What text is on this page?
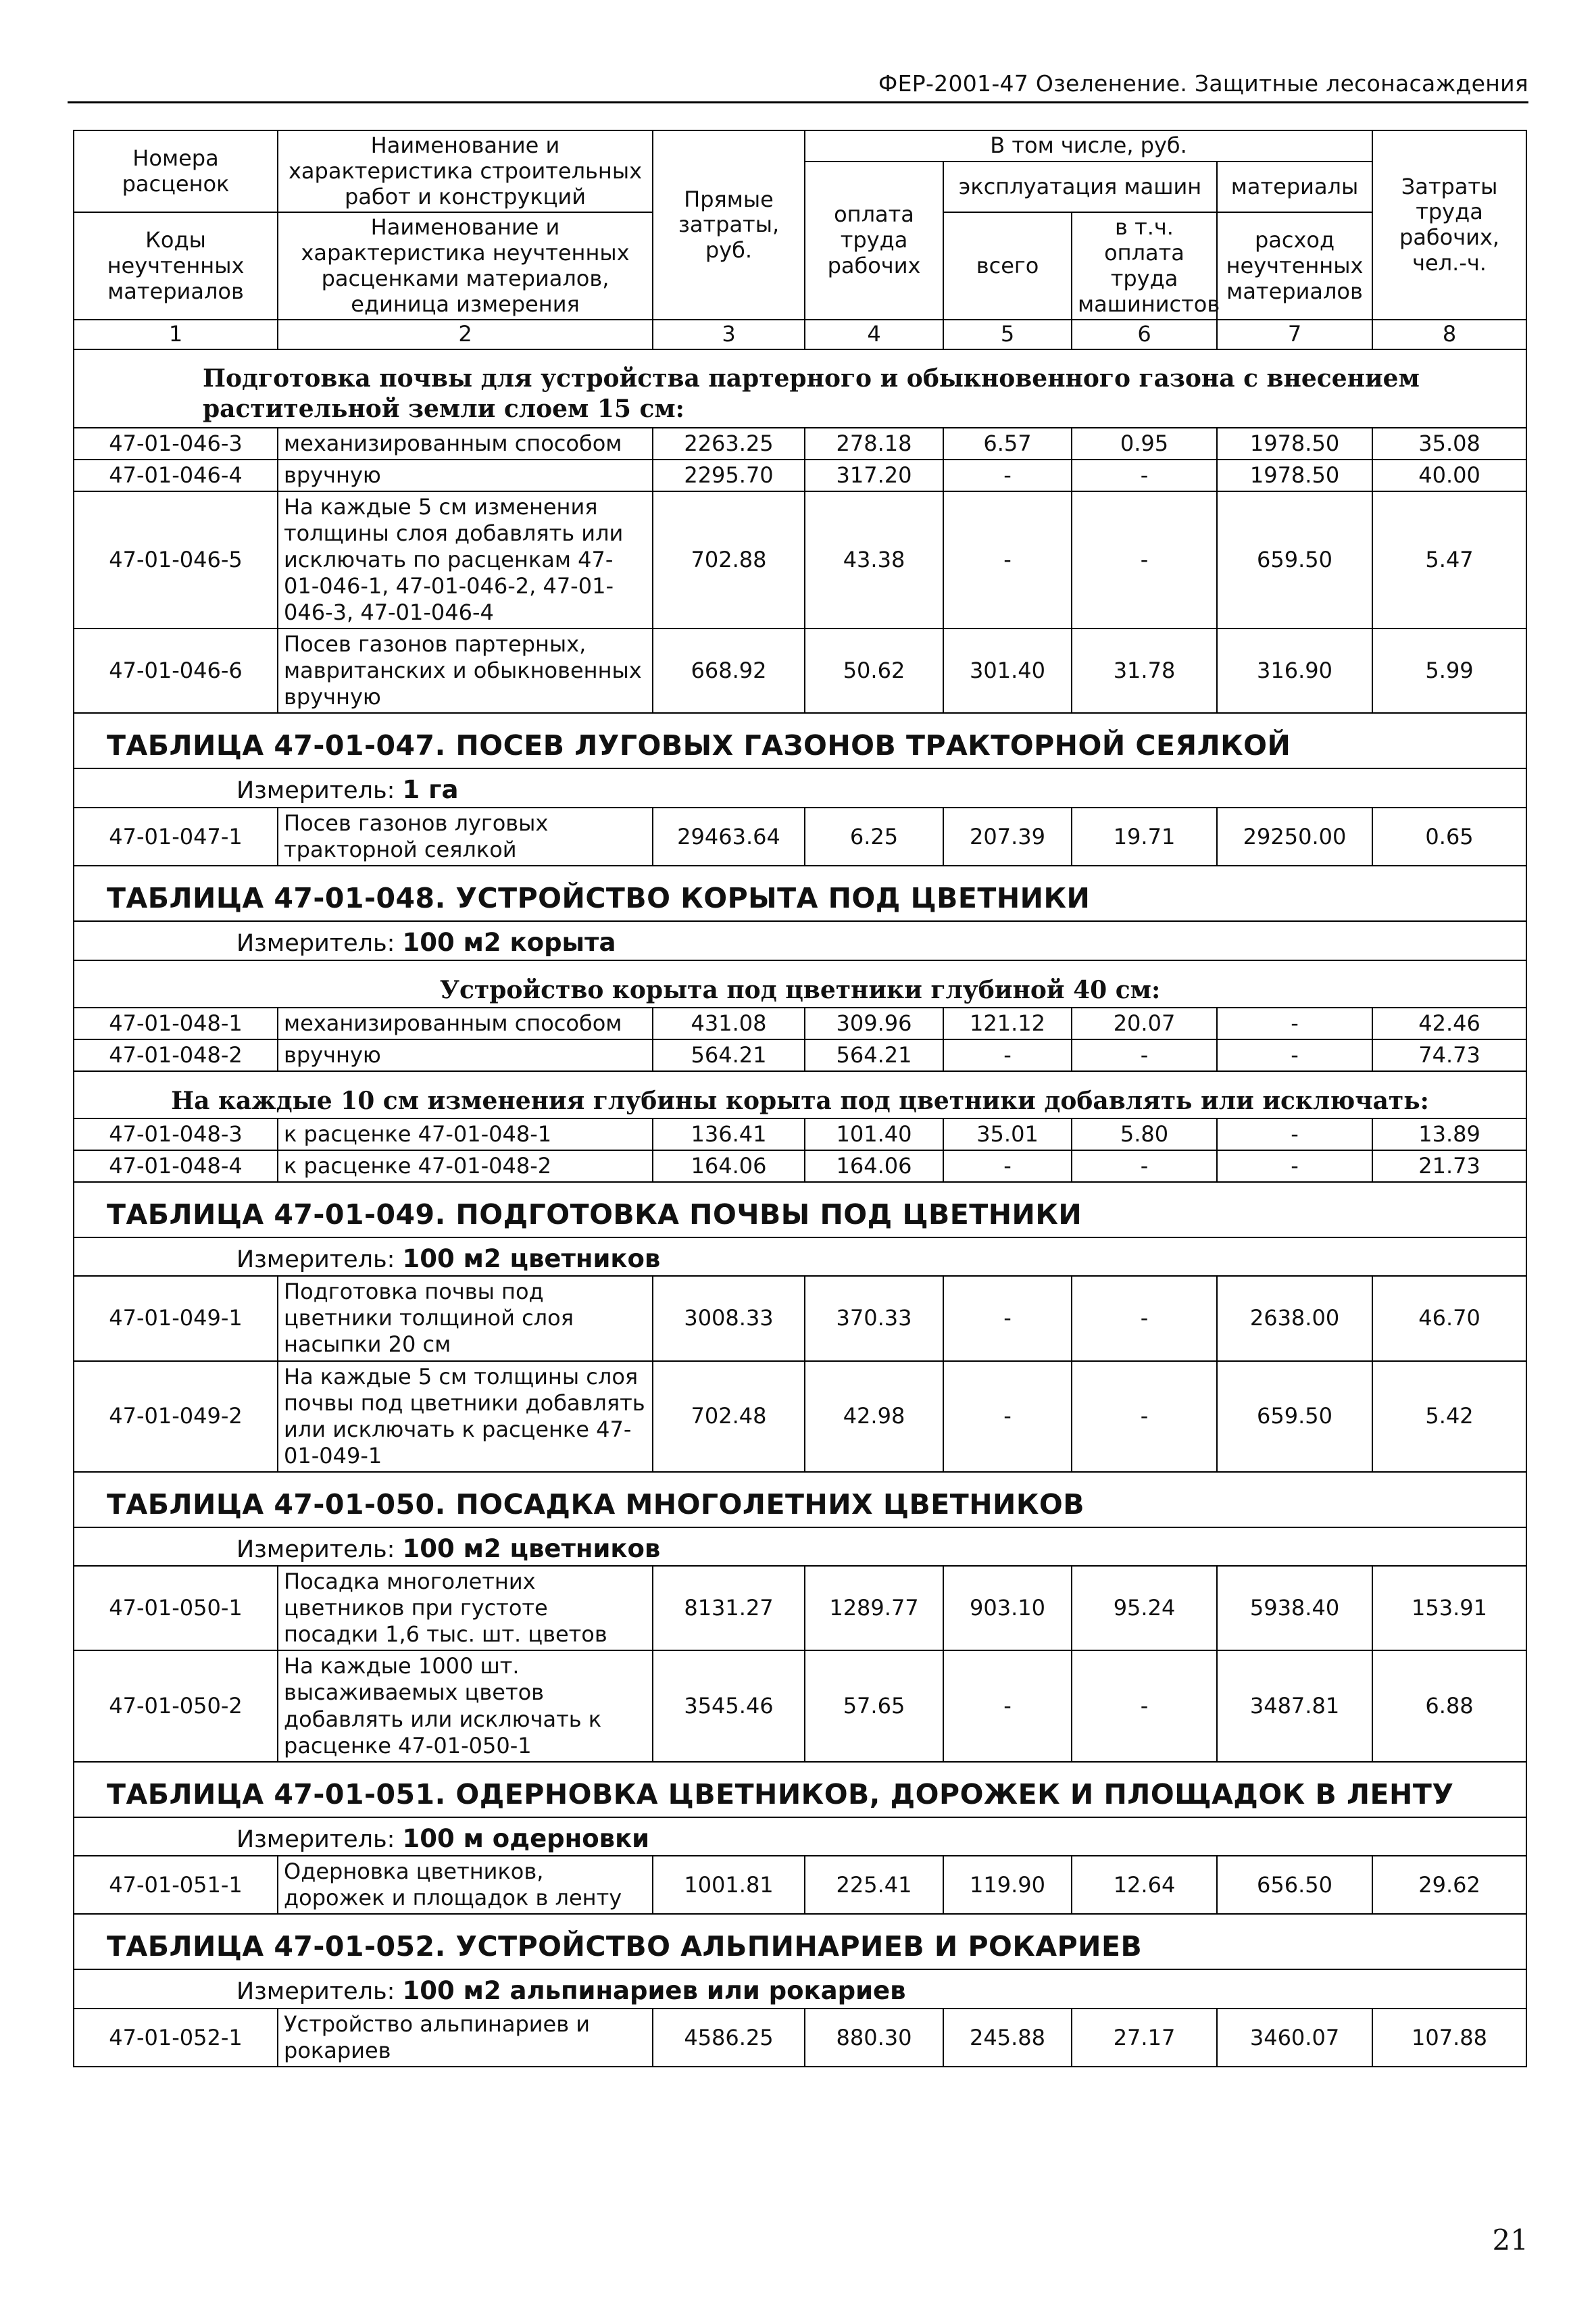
ФЕР-2001-47 Озеленение. Защитные лесонасаждения
Номера расценок	Наименование и характеристика строительных работ и конструкций	Прямые затраты, руб.	В том числе, руб.				Затраты труда рабочих, чел.-ч.
			оплата труда рабочих	эксплуатация машин		материалы	
Коды неучтенных материалов	Наименование и характеристика неучтенных расценками материалов, единица измерения			всего	в т.ч. оплата труда машинистов	расход неучтенных материалов	

1	2	3	4	5	6	7	8
Подготовка почвы для устройства партерного и обыкновенного газона с внесением растительной земли слоем 15 см:							
47-01-046-3	механизированным способом	2263.25	278.18	6.57	0.95	1978.50	35.08
47-01-046-4	вручную	2295.70	317.20	-	-	1978.50	40.00
47-01-046-5	На каждые 5 см изменения толщины слоя добавлять или исключать по расценкам 47-01-046-1, 47-01-046-2, 47-01-046-3, 47-01-046-4	702.88	43.38	-	-	659.50	5.47
47-01-046-6	Посев газонов партерных, мавританских и обыкновенных вручную	668.92	50.62	301.40	31.78	316.90	5.99
ТАБЛИЦА 47-01-047. ПОСЕВ ЛУГОВЫХ ГАЗОНОВ ТРАКТОРНОЙ СЕЯЛКОЙ							
Измеритель: 1 га							
47-01-047-1	Посев газонов луговых тракторной сеялкой	29463.64	6.25	207.39	19.71	29250.00	0.65
ТАБЛИЦА 47-01-048. УСТРОЙСТВО КОРЫТА ПОД ЦВЕТНИКИ							
Измеритель: 100 м2 корыта							
Устройство корыта под цветники глубиной 40 см:							
47-01-048-1	механизированным способом	431.08	309.96	121.12	20.07	-	42.46
47-01-048-2	вручную	564.21	564.21	-	-	-	74.73
На каждые 10 см изменения глубины корыта под цветники добавлять или исключать:							
47-01-048-3	к расценке 47-01-048-1	136.41	101.40	35.01	5.80	-	13.89
47-01-048-4	к расценке 47-01-048-2	164.06	164.06	-	-	-	21.73
ТАБЛИЦА 47-01-049. ПОДГОТОВКА ПОЧВЫ ПОД ЦВЕТНИКИ							
Измеритель: 100 м2 цветников							
47-01-049-1	Подготовка почвы под цветники толщиной слоя насыпки 20 см	3008.33	370.33	-	-	2638.00	46.70
47-01-049-2	На каждые 5 см толщины слоя почвы под цветники добавлять или исключать к расценке 47-01-049-1	702.48	42.98	-	-	659.50	5.42
ТАБЛИЦА 47-01-050. ПОСАДКА МНОГОЛЕТНИХ ЦВЕТНИКОВ							
Измеритель: 100 м2 цветников							
47-01-050-1	Посадка многолетних цветников при густоте посадки 1,6 тыс. шт. цветов	8131.27	1289.77	903.10	95.24	5938.40	153.91
47-01-050-2	На каждые 1000 шт. высаживаемых цветов добавлять или исключать к расценке 47-01-050-1	3545.46	57.65	-	-	3487.81	6.88
ТАБЛИЦА 47-01-051. ОДЕРНОВКА ЦВЕТНИКОВ, ДОРОЖЕК И ПЛОЩАДОК В ЛЕНТУ							
Измеритель: 100 м одерновки							
47-01-051-1	Одерновка цветников, дорожек и площадок в ленту	1001.81	225.41	119.90	12.64	656.50	29.62
ТАБЛИЦА 47-01-052. УСТРОЙСТВО АЛЬПИНАРИЕВ И РОКАРИЕВ							
Измеритель: 100 м2 альпинариев или рокариев							
47-01-052-1	Устройство альпинариев и рокариев	4586.25	880.30	245.88	27.17	3460.07	107.88
21
